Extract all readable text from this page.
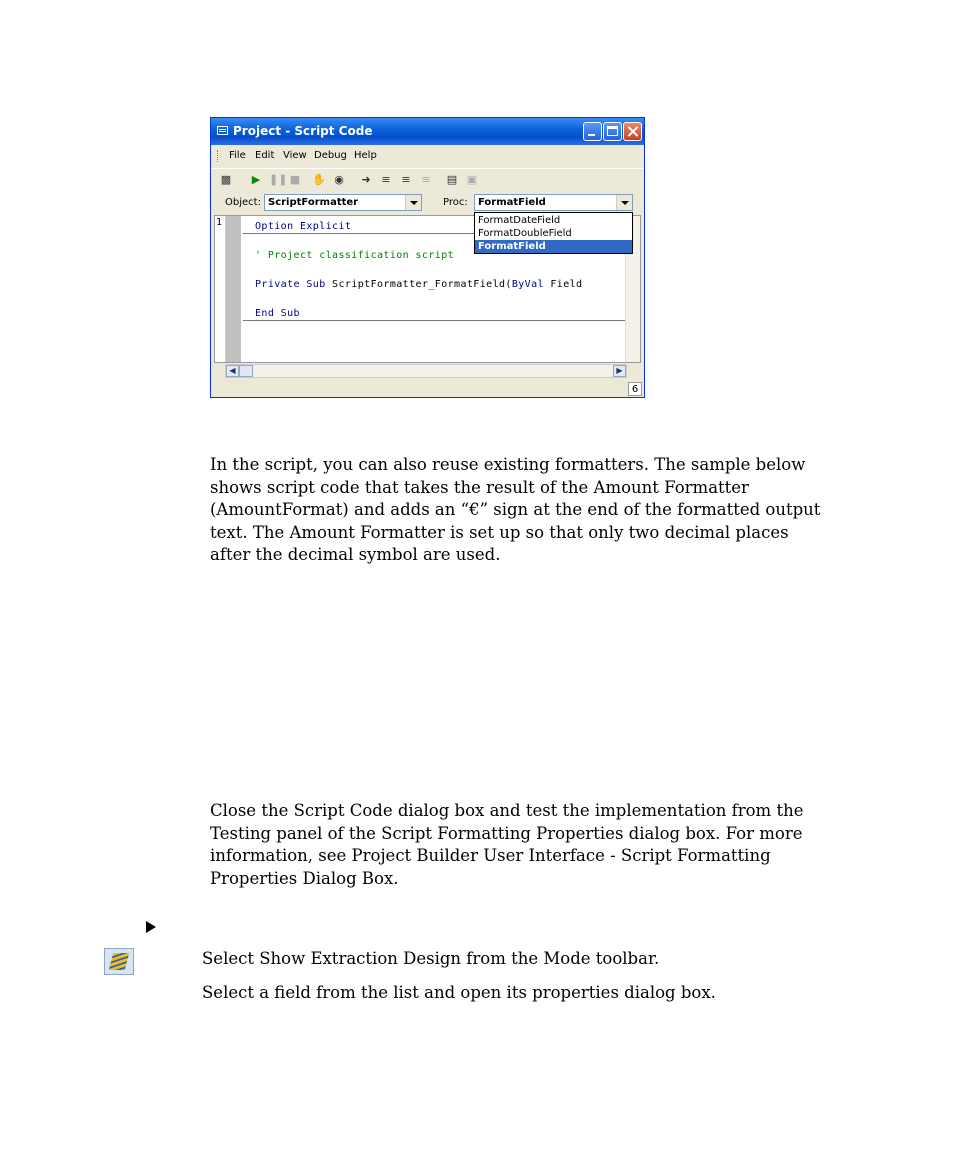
Project - Script Code
File Edit View Debug Help
▩ ▶ ❚❚ ■ ✋ ◉ ➜ ≡ ≡ ≡ ▤ ▣
Object: ScriptFormatter	Proc:	FormatField
1	Option Explicit
' Project classification script
Private Sub ScriptFormatter_FormatField(ByVal Field
End Sub
◀	▶
6
FormatDateField
FormatDoubleField
FormatField

In the script, you can also reuse existing formatters. The sample below shows script code that takes the result of the Amount Formatter (AmountFormat) and adds an “€” sign at the end of the formatted output text. The Amount Formatter is set up so that only two decimal places after the decimal symbol are used.

Close the Script Code dialog box and test the implementation from the Testing panel of the Script Formatting Properties dialog box. For more information, see Project Builder User Interface - Script Formatting Properties Dialog Box.

Select Show Extraction Design from the Mode toolbar.
Select a field from the list and open its properties dialog box.
